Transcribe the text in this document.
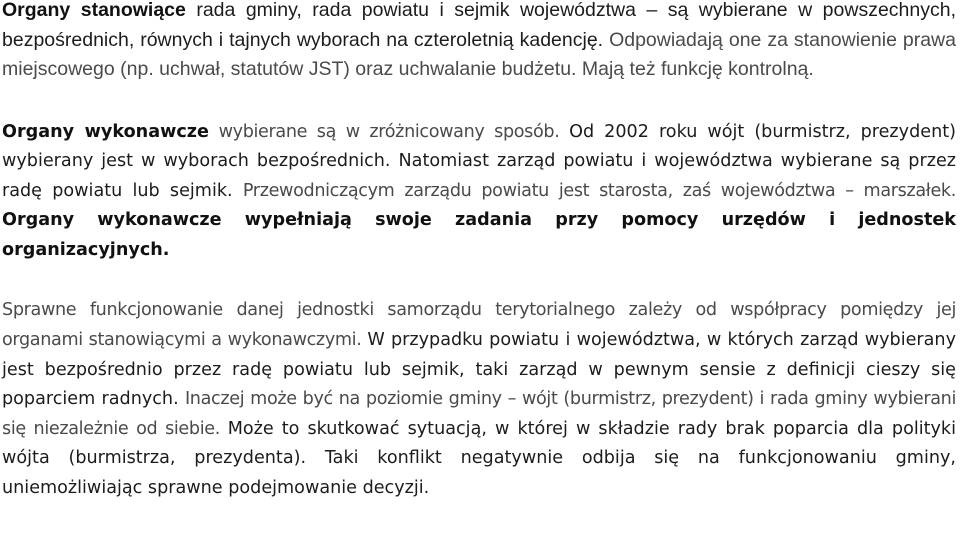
Organy stanowiące rada gminy, rada powiatu i sejmik województwa – są wybierane w powszechnych, bezpośrednich, równych i tajnych wyborach na czteroletnią kadencję. Odpowiadają one za stanowienie prawa miejscowego (np. uchwał, statutów JST) oraz uchwalanie budżetu. Mają też funkcję kontrolną.

Organy wykonawcze wybierane są w zróżnicowany sposób. Od 2002 roku wójt (burmistrz, prezydent) wybierany jest w wyborach bezpośrednich. Natomiast zarząd powiatu i województwa wybierane są przez radę powiatu lub sejmik. Przewodniczącym zarządu powiatu jest starosta, zaś województwa – marszałek. Organy wykonawcze wypełniają swoje zadania przy pomocy urzędów i jednostek organizacyjnych.

Sprawne funkcjonowanie danej jednostki samorządu terytorialnego zależy od współpracy pomiędzy jej organami stanowiącymi a wykonawczymi. W przypadku powiatu i województwa, w których zarząd wybierany jest bezpośrednio przez radę powiatu lub sejmik, taki zarząd w pewnym sensie z definicji cieszy się poparciem radnych. Inaczej może być na poziomie gminy – wójt (burmistrz, prezydent) i rada gminy wybierani się niezależnie od siebie. Może to skutkować sytuacją, w której w składzie rady brak poparcia dla polityki wójta (burmistrza, prezydenta). Taki konflikt negatywnie odbija się na funkcjonowaniu gminy, uniemożliwiając sprawne podejmowanie decyzji.
